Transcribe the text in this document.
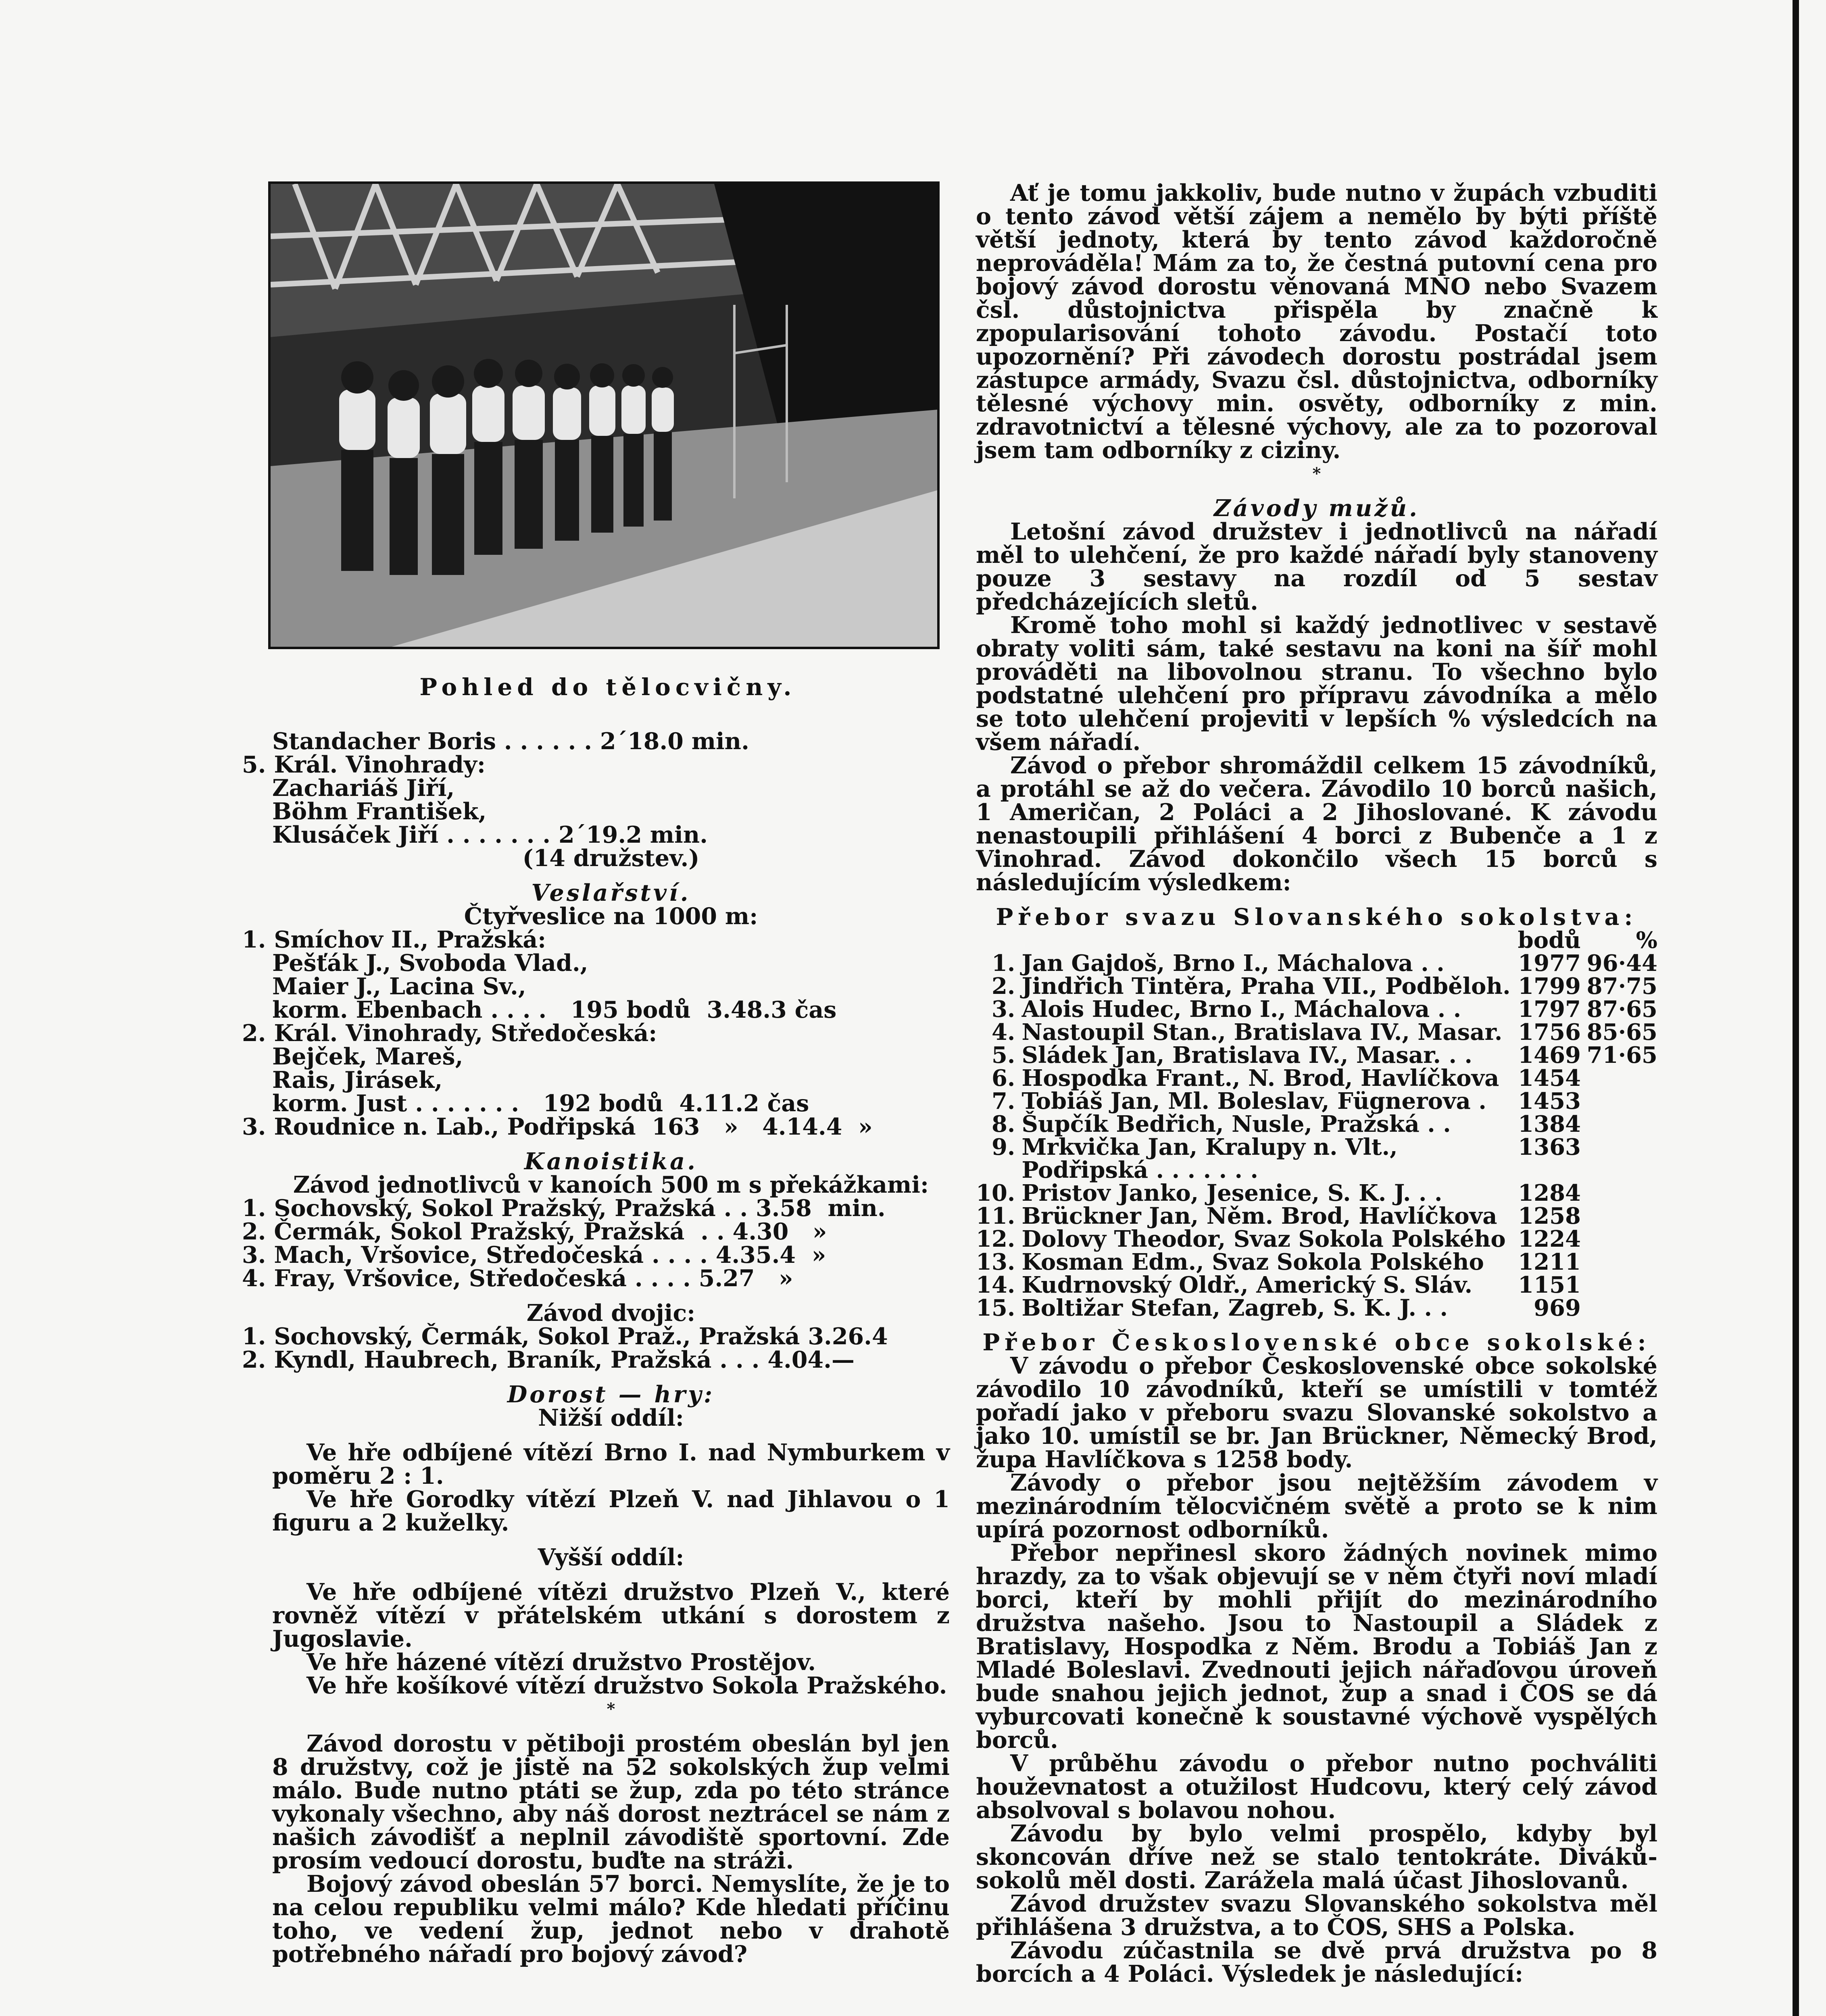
Pohled do tělocvičny.

Standacher Boris . . . . . . 2´18.0 min.

5. Král. Vinohrady:

Zachariáš Jiří,

Böhm František,

Klusáček Jiří . . . . . . . 2´19.2 min.

(14 družstev.)

Veslařství.

Čtyřveslice na 1000 m:

1. Smíchov II., Pražská:

Pešťák J., Svoboda Vlad.,

Maier J., Lacina Sv.,

korm. Ebenbach . . . .   195 bodů  3.48.3 čas

2. Král. Vinohrady, Středočeská:

Bejček, Mareš,

Rais, Jirásek,

korm. Just . . . . . . .   192 bodů  4.11.2 čas

3. Roudnice n. Lab., Podřipská  163   »   4.14.4  »

Kanoistika.

Závod jednotlivců v kanoích 500 m s překážkami:

1. Sochovský, Sokol Pražský, Pražská . . 3.58  min.

2. Čermák, Sokol Pražský, Pražská  . . 4.30   »

3. Mach, Vršovice, Středočeská . . . . 4.35.4  »

4. Fray, Vršovice, Středočeská . . . . 5.27   »

Závod dvojic:

1. Sochovský, Čermák, Sokol Praž., Pražská 3.26.4

2. Kyndl, Haubrech, Braník, Pražská . . . 4.04.—

Dorost — hry:

Nižší oddíl:

Ve hře odbíjené vítězí Brno I. nad Nymburkem v poměru 2 : 1.

Ve hře Gorodky vítězí Plzeň V. nad Jihlavou o 1 figuru a 2 kuželky.

Vyšší oddíl:

Ve hře odbíjené vítězi družstvo Plzeň V., které rovněž vítězí v přátelském utkání s dorostem z Jugoslavie.

Ve hře házené vítězí družstvo Prostějov.

Ve hře košíkové vítězí družstvo Sokola Pražského.

*

Závod dorostu v pětiboji prostém obeslán byl jen 8 družstvy, což je jistě na 52 sokolských žup velmi málo. Bude nutno ptáti se žup, zda po této stránce vykonaly všechno, aby náš dorost neztrácel se nám z našich závodišť a neplnil závodiště sportovní. Zde prosím vedoucí dorostu, buďte na stráži.

Bojový závod obeslán 57 borci. Nemyslíte, že je to na celou republiku velmi málo? Kde hledati příčinu toho, ve vedení žup, jednot nebo v drahotě potřebného nářadí pro bojový závod?

Ať je tomu jakkoliv, bude nutno v župách vzbuditi o tento závod větší zájem a nemělo by býti příště větší jednoty, která by tento závod každoročně neprováděla! Mám za to, že čestná putovní cena pro bojový závod dorostu věnovaná MNO nebo Svazem čsl. důstojnictva přispěla by značně k zpopularisování tohoto závodu. Postačí toto upozornění? Při závodech dorostu postrádal jsem zástupce armády, Svazu čsl. důstojnictva, odborníky tělesné výchovy min. osvěty, odborníky z min. zdravotnictví a tělesné výchovy, ale za to pozoroval jsem tam odborníky z ciziny.

*

Závody mužů.

Letošní závod družstev i jednotlivců na nářadí měl to ulehčení, že pro každé nářadí byly stanoveny pouze 3 sestavy na rozdíl od 5 sestav předcházejících sletů.

Kromě toho mohl si každý jednotlivec v sestavě obraty voliti sám, také sestavu na koni na šíř mohl prováděti na libovolnou stranu. To všechno bylo podstatné ulehčení pro přípravu závodníka a mělo se toto ulehčení projeviti v lepších % výsledcích na všem nářadí.

Závod o přebor shromáždil celkem 15 závodníků, a protáhl se až do večera. Závodilo 10 borců našich, 1 Američan, 2 Poláci a 2 Jihoslované. K závodu nenastoupili přihlášení 4 borci z Bubenče a 1 z Vinohrad. Závod dokončilo všech 15 borců s následujícím výsledkem:

Přebor svazu Slovanského sokolstva:

		bodů	%
1.	Jan Gajdoš, Brno I., Máchalova . .	1977	96·44
2.	Jindřich Tintěra, Praha VII., Podběloh.	1799	87·75
3.	Alois Hudec, Brno I., Máchalova . .	1797	87·65
4.	Nastoupil Stan., Bratislava IV., Masar.	1756	85·65
5.	Sládek Jan, Bratislava IV., Masar. . .	1469	71·65
6.	Hospodka Frant., N. Brod, Havlíčkova	1454	
7.	Tobiáš Jan, Ml. Boleslav, Fügnerova .	1453	
8.	Šupčík Bedřich, Nusle, Pražská . .	1384	
9.	Mrkvička Jan, Kralupy n. Vlt., Podřipská . . . . . . .	1363	
10.	Pristov Janko, Jesenice, S. K. J. . .	1284	
11.	Brückner Jan, Něm. Brod, Havlíčkova	1258	
12.	Dolovy Theodor, Svaz Sokola Polského	1224	
13.	Kosman Edm., Svaz Sokola Polského	1211	
14.	Kudrnovský Oldř., Americký S. Sláv.	1151	
15.	Boltižar Stefan, Zagreb, S. K. J. . .	969	

Přebor Československé obce sokolské:

V závodu o přebor Československé obce sokolské závodilo 10 závodníků, kteří se umístili v tomtéž pořadí jako v přeboru svazu Slovanské sokolstvo a jako 10. umístil se br. Jan Brückner, Německý Brod, župa Havlíčkova s 1258 body.

Závody o přebor jsou nejtěžším závodem v mezinárodním tělocvičném světě a proto se k nim upírá pozornost odborníků.

Přebor nepřinesl skoro žádných novinek mimo hrazdy, za to však objevují se v něm čtyři noví mladí borci, kteří by mohli přijít do mezinárodního družstva našeho. Jsou to Nastoupil a Sládek z Bratislavy, Hospodka z Něm. Brodu a Tobiáš Jan z Mladé Boleslavi. Zvednouti jejich nářaďovou úroveň bude snahou jejich jednot, žup a snad i ČOS se dá vyburcovati konečně k soustavné výchově vyspělých borců.

V průběhu závodu o přebor nutno pochváliti houževnatost a otužilost Hudcovu, který celý závod absolvoval s bolavou nohou.

Závodu by bylo velmi prospělo, kdyby byl skoncován dříve než se stalo tentokráte. Diváků-sokolů měl dosti. Zarážela malá účast Jihoslovanů.

Závod družstev svazu Slovanského sokolstva měl přihlášena 3 družstva, a to ČOS, SHS a Polska.

Závodu zúčastnila se dvě prvá družstva po 8 borcích a 4 Poláci. Výsledek je následující:
